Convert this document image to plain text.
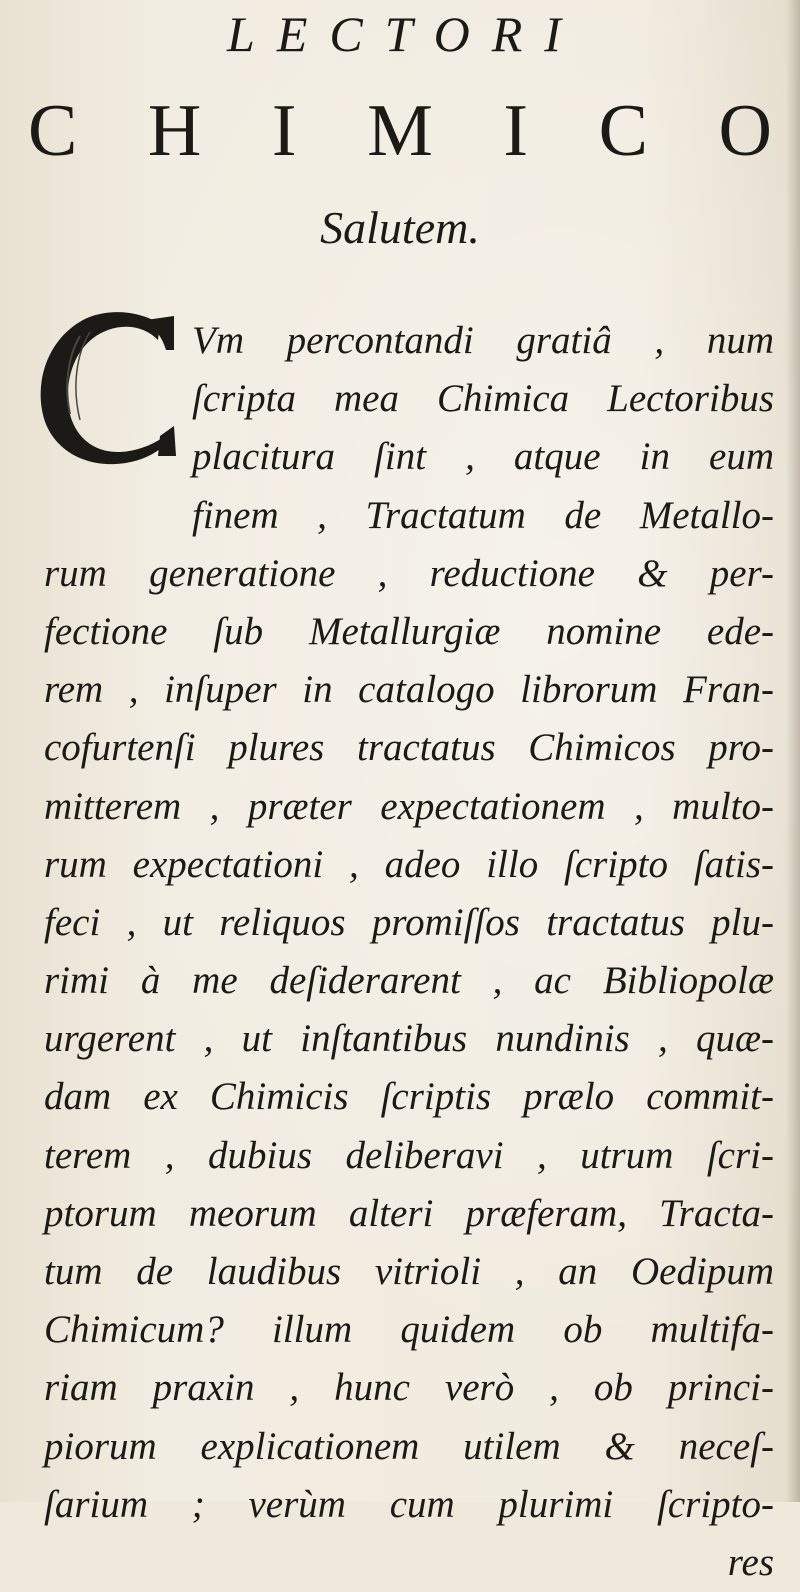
LECTORI
C H I M I C O
Salutem.
Vm percontandi gratiâ , num
ſcripta mea Chimica Lectoribus
placitura ſint , atque in eum
finem , Tractatum de Metallo-
rum generatione , reductione & per-
fectione ſub Metallurgiæ nomine ede-
rem , inſuper in catalogo librorum Fran-
cofurtenſi plures tractatus Chimicos pro-
mitterem , præter expectationem , multo-
rum expectationi , adeo illo ſcripto ſatis-
feci , ut reliquos promiſſos tractatus plu-
rimi à me deſiderarent , ac Bibliopolæ
urgerent , ut inſtantibus nundinis , quæ-
dam ex Chimicis ſcriptis prælo commit-
terem , dubius deliberavi , utrum ſcri-
ptorum meorum alteri præferam, Tracta-
tum de laudibus vitrioli , an Oedipum
Chimicum? illum quidem ob multifa-
riam praxin , hunc verò , ob princi-
piorum explicationem utilem & neceſ-
ſarium ; verùm cum plurimi ſcripto-
res
